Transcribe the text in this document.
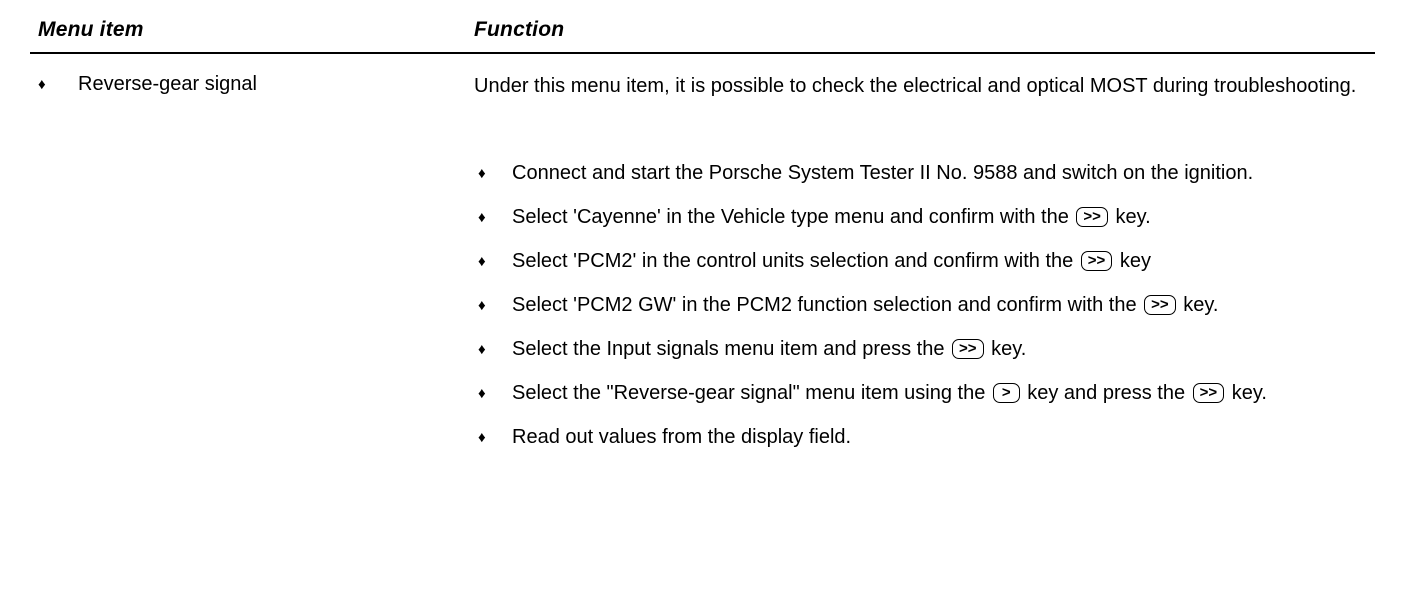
Menu item	Function
♦ Reverse-gear signal	Under this menu item, it is possible to check the electrical and optical MOST during troubleshooting.
♦ Connect and start the Porsche System Tester II No. 9588 and switch on the ignition.
♦ Select 'Cayenne' in the Vehicle type menu and confirm with the >> key.
♦ Select 'PCM2' in the control units selection and confirm with the >> key
♦ Select 'PCM2 GW' in the PCM2 function selection and confirm with the >> key.
♦ Select the Input signals menu item and press the >> key.
♦ Select the "Reverse-gear signal" menu item using the > key and press the >> key.
♦ Read out values from the display field.
